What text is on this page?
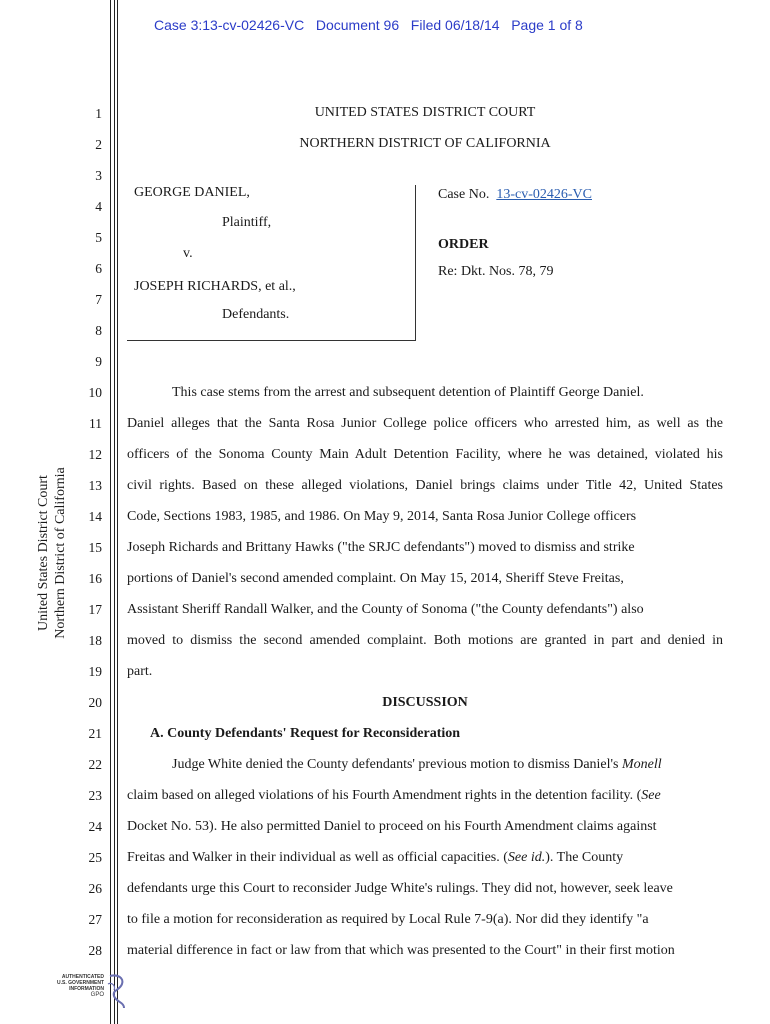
Case 3:13-cv-02426-VC   Document 96   Filed 06/18/14   Page 1 of 8
United States District Court Northern District of California
1
2
3
4
5
6
7
8
9
10
11
12
13
14
15
16
17
18
19
20
21
22
23
24
25
26
27
28
UNITED STATES DISTRICT COURT
NORTHERN DISTRICT OF CALIFORNIA
GEORGE DANIEL,
Plaintiff,
v.
JOSEPH RICHARDS, et al.,
Defendants.
Case No. 13-cv-02426-VC
ORDER
Re: Dkt. Nos. 78, 79
This case stems from the arrest and subsequent detention of Plaintiff George Daniel.
Daniel alleges that the Santa Rosa Junior College police officers who arrested him, as well as the
officers of the Sonoma County Main Adult Detention Facility, where he was detained, violated his
civil rights. Based on these alleged violations, Daniel brings claims under Title 42, United States
Code, Sections 1983, 1985, and 1986. On May 9, 2014, Santa Rosa Junior College officers
Joseph Richards and Brittany Hawks ("the SRJC defendants") moved to dismiss and strike
portions of Daniel's second amended complaint. On May 15, 2014, Sheriff Steve Freitas,
Assistant Sheriff Randall Walker, and the County of Sonoma ("the County defendants") also
moved to dismiss the second amended complaint. Both motions are granted in part and denied in
part.
DISCUSSION
A. County Defendants' Request for Reconsideration
Judge White denied the County defendants' previous motion to dismiss Daniel's Monell
claim based on alleged violations of his Fourth Amendment rights in the detention facility. (See
Docket No. 53). He also permitted Daniel to proceed on his Fourth Amendment claims against
Freitas and Walker in their individual as well as official capacities. (See id.). The County
defendants urge this Court to reconsider Judge White's rulings. They did not, however, seek leave
to file a motion for reconsideration as required by Local Rule 7-9(a). Nor did they identify "a
material difference in fact or law from that which was presented to the Court" in their first motion
AUTHENTICATED
U.S. GOVERNMENT
INFORMATION
GPO
